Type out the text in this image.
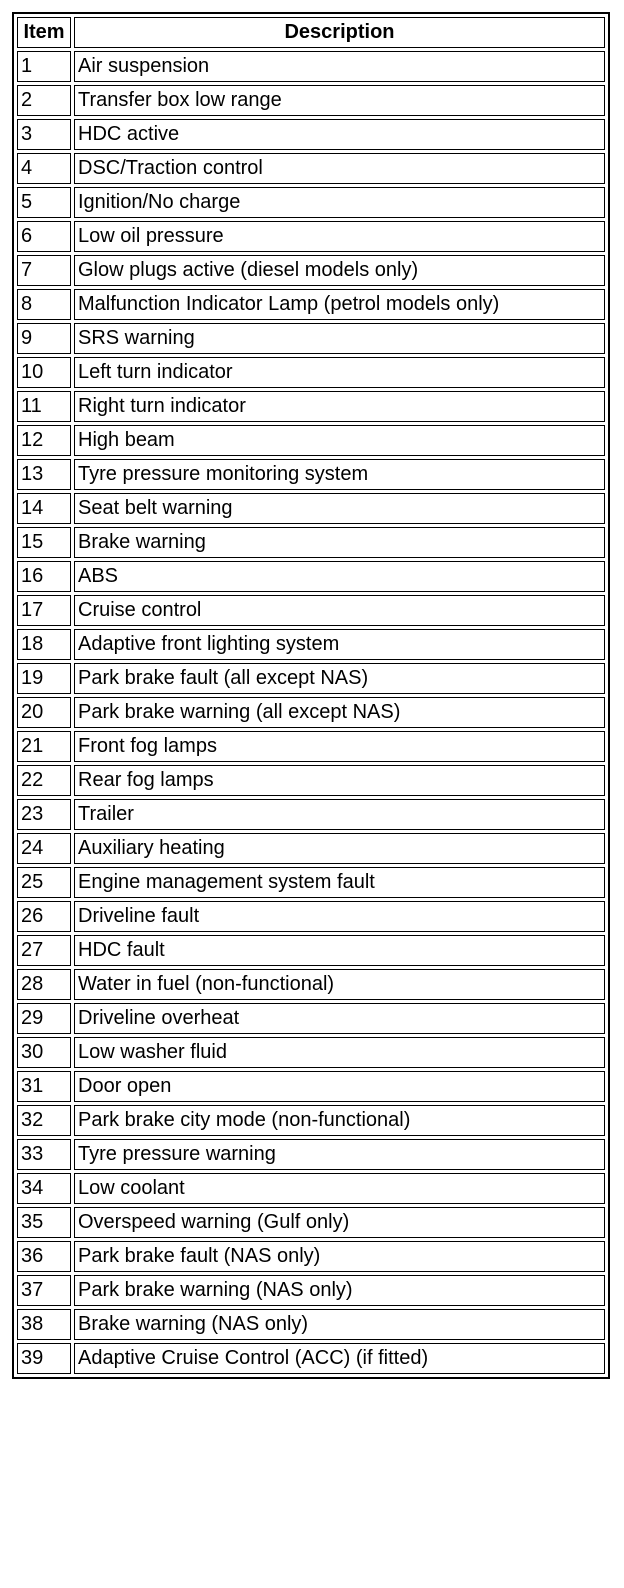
Item	Description
1	Air suspension
2	Transfer box low range
3	HDC active
4	DSC/Traction control
5	Ignition/No charge
6	Low oil pressure
7	Glow plugs active (diesel models only)
8	Malfunction Indicator Lamp (petrol models only)
9	SRS warning
10	Left turn indicator
11	Right turn indicator
12	High beam
13	Tyre pressure monitoring system
14	Seat belt warning
15	Brake warning
16	ABS
17	Cruise control
18	Adaptive front lighting system
19	Park brake fault (all except NAS)
20	Park brake warning (all except NAS)
21	Front fog lamps
22	Rear fog lamps
23	Trailer
24	Auxiliary heating
25	Engine management system fault
26	Driveline fault
27	HDC fault
28	Water in fuel (non-functional)
29	Driveline overheat
30	Low washer fluid
31	Door open
32	Park brake city mode (non-functional)
33	Tyre pressure warning
34	Low coolant
35	Overspeed warning (Gulf only)
36	Park brake fault (NAS only)
37	Park brake warning (NAS only)
38	Brake warning (NAS only)
39	Adaptive Cruise Control (ACC) (if fitted)
